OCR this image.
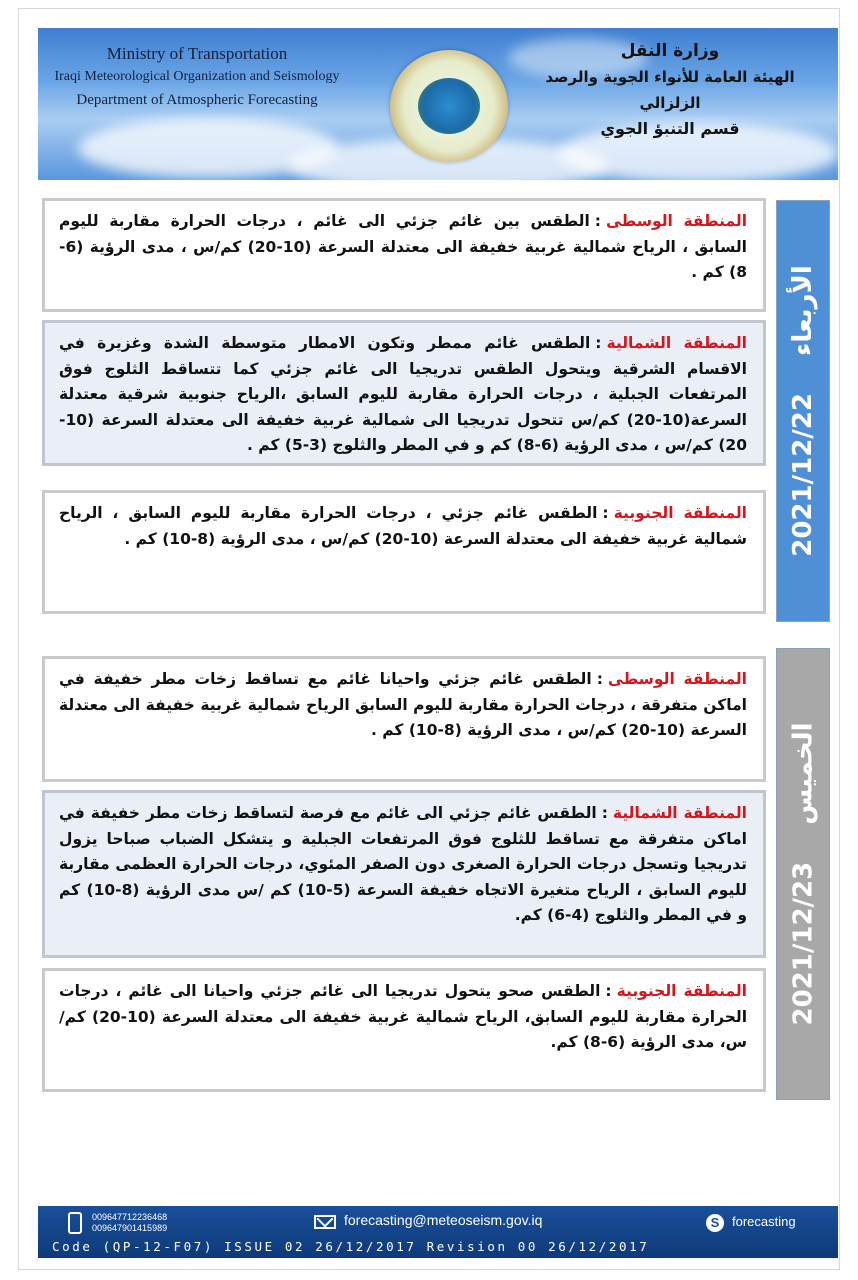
Ministry of Transportation
Iraqi Meteorological Organization and Seismology
Department of Atmospheric Forecasting
وزارة النقل
الهيئة العامة للأنواء الجوية والرصد الزلزالي
قسم التنبؤ الجوي
الأربعاء 2021/12/22
المنطقة الوسطى:الطقس بين غائم جزئي الى غائم ، درجات الحرارة مقاربة لليوم السابق ، الرياح شمالية غربية خفيفة الى معتدلة السرعة (10-20) كم/س ، مدى الرؤية (6-8) كم .
المنطقة الشمالية:الطقس غائم ممطر وتكون الامطار متوسطة الشدة وغزيرة في الاقسام الشرقية ويتحول الطقس تدريجيا الى غائم جزئي كما تتساقط الثلوج فوق المرتفعات الجبلية ، درجات الحرارة مقاربة لليوم السابق ،الرياح جنوبية شرقية معتدلة السرعة(10-20) كم/س تتحول تدريجيا الى شمالية غربية خفيفة الى معتدلة السرعة (10-20) كم/س ، مدى الرؤية (6-8) كم و في المطر والثلوج (3-5) كم .
المنطقة الجنوبية:الطقس غائم جزئي ، درجات الحرارة مقاربة لليوم السابق ، الرياح شمالية غربية خفيفة الى معتدلة السرعة (10-20) كم/س ، مدى الرؤية (8-10) كم .
الخميس 2021/12/23
المنطقة الوسطى:الطقس غائم جزئي واحيانا غائم مع تساقط زخات مطر خفيفة في اماكن متفرقة ، درجات الحرارة مقاربة لليوم السابق الرياح شمالية غربية خفيفة الى معتدلة السرعة (10-20) كم/س ، مدى الرؤية (8-10) كم .
المنطقة الشمالية:الطقس غائم جزئي الى غائم مع فرصة لتساقط زخات مطر خفيفة في اماكن متفرقة مع تساقط للثلوج فوق المرتفعات الجبلية و يتشكل الضباب صباحا يزول تدريجيا وتسجل درجات الحرارة الصغرى دون الصفر المئوي، درجات الحرارة العظمى مقاربة لليوم السابق ، الرياح متغيرة الاتجاه خفيفة السرعة (5-10) كم /س مدى الرؤية (8-10) كم و في المطر والثلوج (4-6) كم.
المنطقة الجنوبية:الطقس صحو يتحول تدريجيا الى غائم جزئي واحيانا الى غائم ، درجات الحرارة مقاربة لليوم السابق، الرياح شمالية غربية خفيفة الى معتدلة السرعة (10-20) كم/س، مدى الرؤية (6-8) كم.
009647712236468
009647901415989	forecasting@meteoseism.gov.iq	S forecasting
Code (QP-12-F07) ISSUE 02 26/12/2017 Revision 00 26/12/2017
